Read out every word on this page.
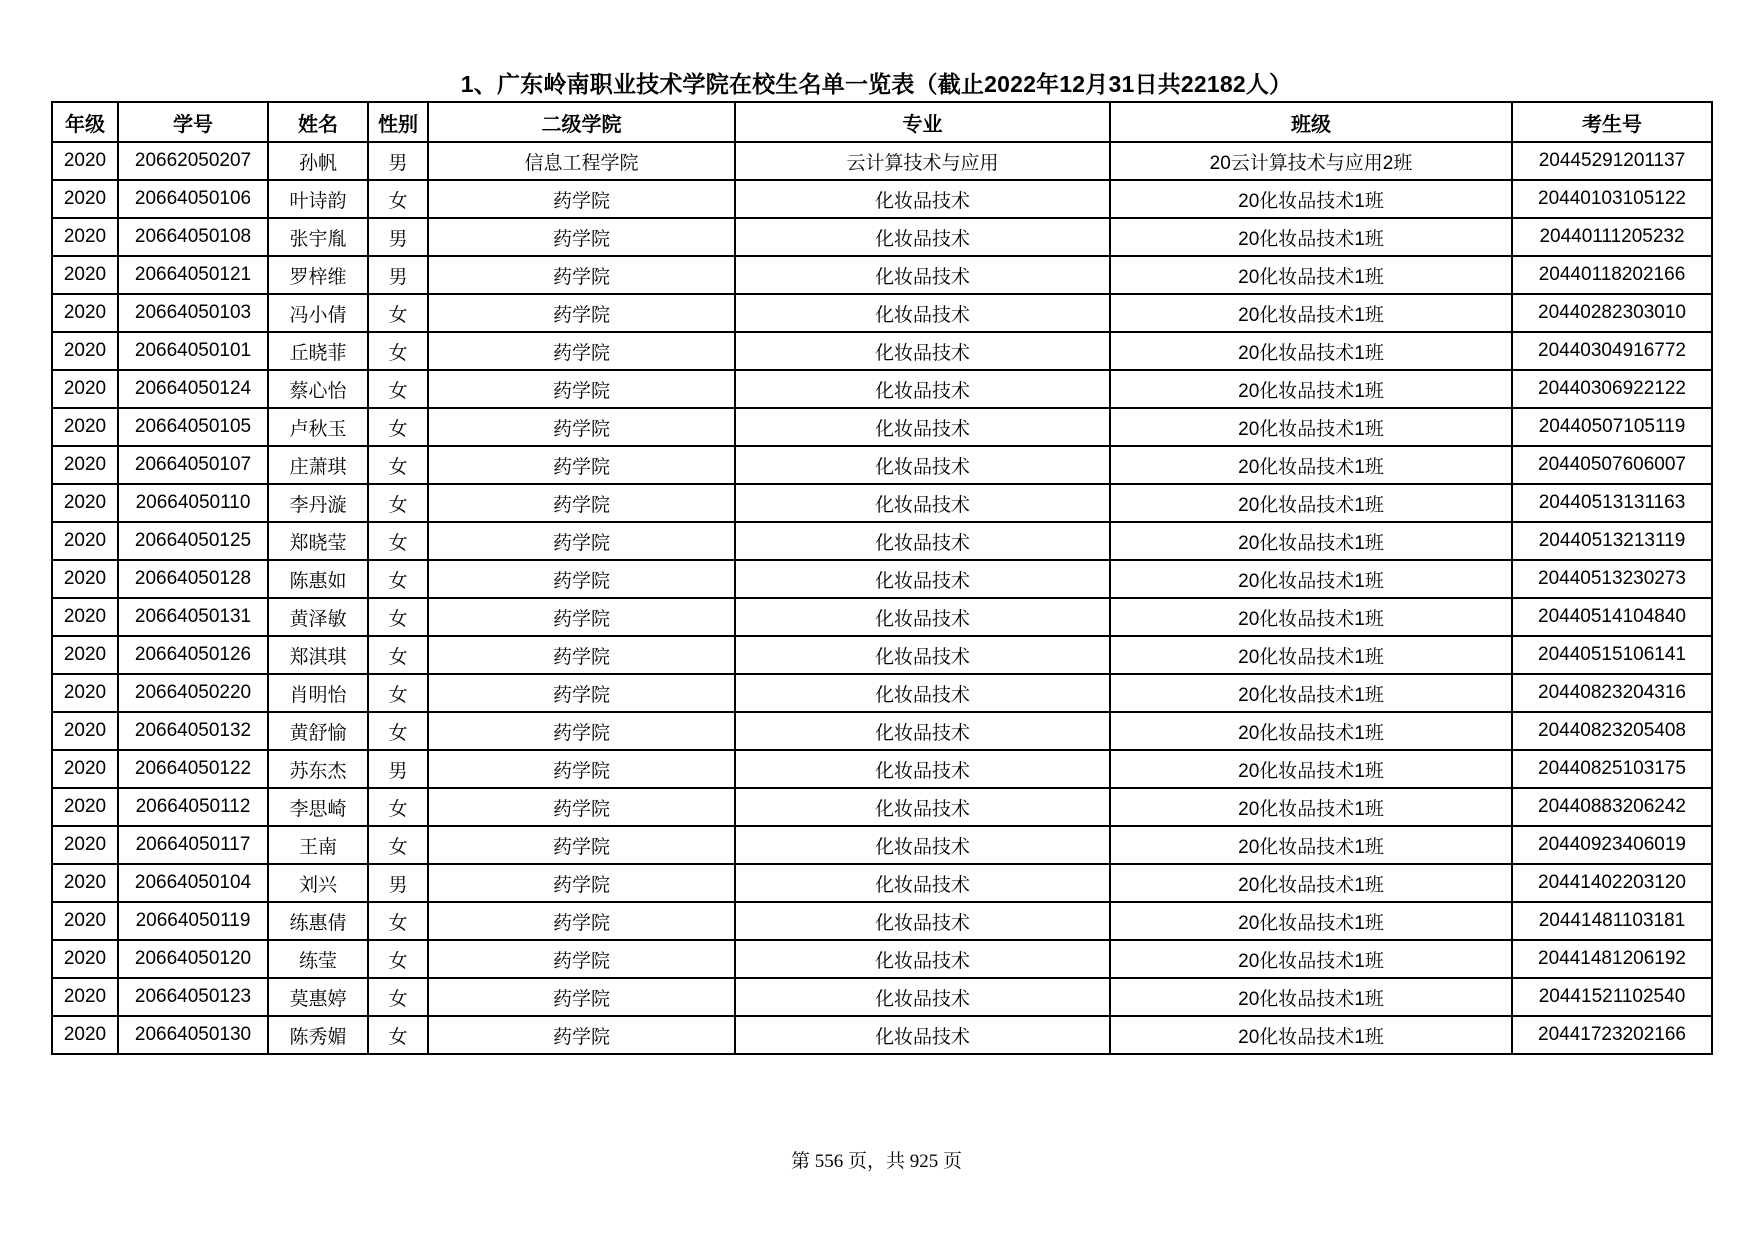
1、广东岭南职业技术学院在校生名单一览表（截止2022年12月31日共22182人）
年级	学号	姓名	性别	二级学院	专业	班级	考生号
2020	20662050207	孙帆	男	信息工程学院	云计算技术与应用	20云计算技术与应用2班	20445291201137
2020	20664050106	叶诗韵	女	药学院	化妆品技术	20化妆品技术1班	20440103105122
2020	20664050108	张宇胤	男	药学院	化妆品技术	20化妆品技术1班	20440111205232
2020	20664050121	罗梓维	男	药学院	化妆品技术	20化妆品技术1班	20440118202166
2020	20664050103	冯小倩	女	药学院	化妆品技术	20化妆品技术1班	20440282303010
2020	20664050101	丘晓菲	女	药学院	化妆品技术	20化妆品技术1班	20440304916772
2020	20664050124	蔡心怡	女	药学院	化妆品技术	20化妆品技术1班	20440306922122
2020	20664050105	卢秋玉	女	药学院	化妆品技术	20化妆品技术1班	20440507105119
2020	20664050107	庄萧琪	女	药学院	化妆品技术	20化妆品技术1班	20440507606007
2020	20664050110	李丹漩	女	药学院	化妆品技术	20化妆品技术1班	20440513131163
2020	20664050125	郑晓莹	女	药学院	化妆品技术	20化妆品技术1班	20440513213119
2020	20664050128	陈惠如	女	药学院	化妆品技术	20化妆品技术1班	20440513230273
2020	20664050131	黄泽敏	女	药学院	化妆品技术	20化妆品技术1班	20440514104840
2020	20664050126	郑淇琪	女	药学院	化妆品技术	20化妆品技术1班	20440515106141
2020	20664050220	肖明怡	女	药学院	化妆品技术	20化妆品技术1班	20440823204316
2020	20664050132	黄舒愉	女	药学院	化妆品技术	20化妆品技术1班	20440823205408
2020	20664050122	苏东杰	男	药学院	化妆品技术	20化妆品技术1班	20440825103175
2020	20664050112	李思崎	女	药学院	化妆品技术	20化妆品技术1班	20440883206242
2020	20664050117	王南	女	药学院	化妆品技术	20化妆品技术1班	20440923406019
2020	20664050104	刘兴	男	药学院	化妆品技术	20化妆品技术1班	20441402203120
2020	20664050119	练惠倩	女	药学院	化妆品技术	20化妆品技术1班	20441481103181
2020	20664050120	练莹	女	药学院	化妆品技术	20化妆品技术1班	20441481206192
2020	20664050123	莫惠婷	女	药学院	化妆品技术	20化妆品技术1班	20441521102540
2020	20664050130	陈秀媚	女	药学院	化妆品技术	20化妆品技术1班	20441723202166
第 556 页，共 925 页
